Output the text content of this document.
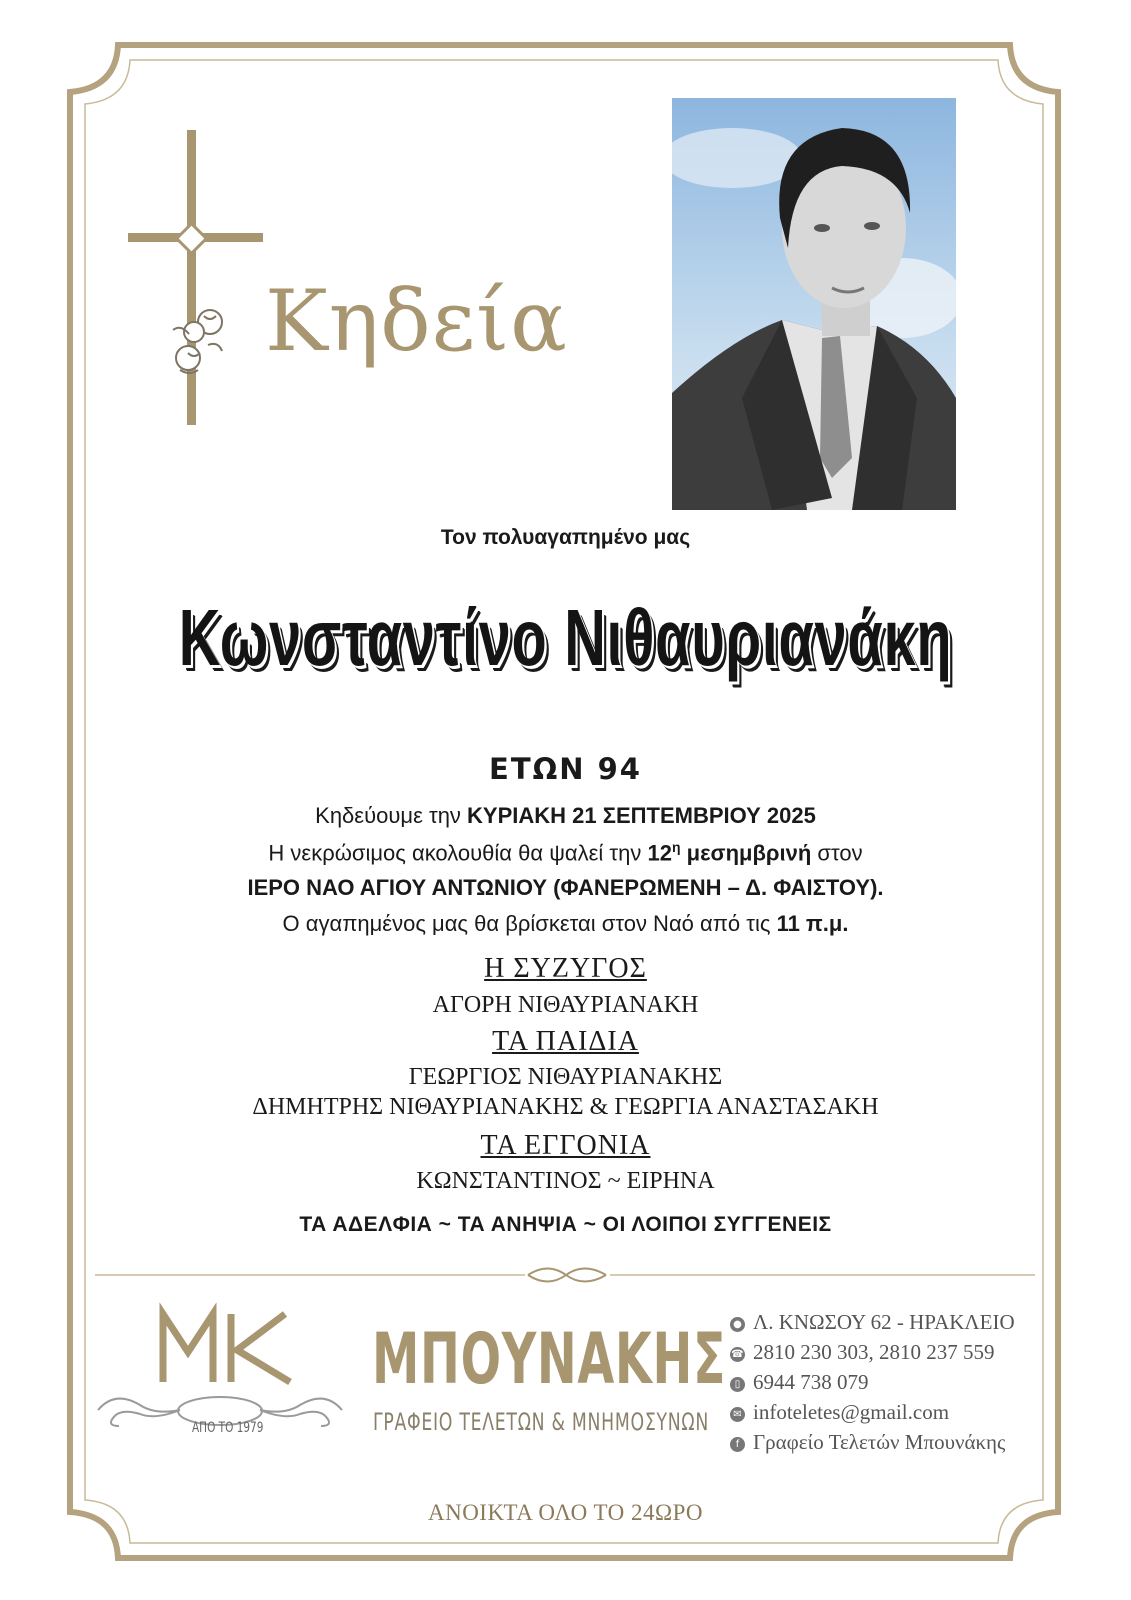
Κηδεία
Τον πολυαγαπημένο μας
Κωνσταντίνο Νιθαυριανάκη
ΕΤΩΝ 94
Κηδεύουμε την ΚΥΡΙΑΚΗ 21 ΣΕΠΤΕΜΒΡΙΟΥ 2025
Η νεκρώσιμος ακολουθία θα ψαλεί την $12^\eta$ μεσημβρινή στον
ΙΕΡΟ ΝΑΟ ΑΓΙΟΥ ΑΝΤΩΝΙΟΥ (ΦΑΝΕΡΩΜΕΝΗ – Δ. ΦΑΙΣΤΟΥ).
Ο αγαπημένος μας θα βρίσκεται στον Ναό από τις 11 π.μ.
Η ΣΥΖΥΓΟΣ
ΑΓΟΡΗ ΝΙΘΑΥΡΙΑΝΑΚΗ
ΤΑ ΠΑΙΔΙΑ
ΓΕΩΡΓΙΟΣ ΝΙΘΑΥΡΙΑΝΑΚΗΣ
ΔΗΜΗΤΡΗΣ ΝΙΘΑΥΡΙΑΝΑΚΗΣ & ΓΕΩΡΓΙΑ ΑΝΑΣΤΑΣΑΚΗ
ΤΑ ΕΓΓΟΝΙΑ
ΚΩΝΣΤΑΝΤΙΝΟΣ ~ ΕΙΡΗΝΑ
ΤΑ ΑΔΕΛΦΙΑ ~ ΤΑ ΑΝΗΨΙΑ ~ ΟΙ ΛΟΙΠΟΙ ΣΥΓΓΕΝΕΙΣ
ΑΠΟ ΤΟ 1979
ΜΠΟΥΝΑΚΗΣ
ΓΡΑΦΕΙΟ ΤΕΛΕΤΩΝ & ΜΝΗΜΟΣΥΝΩΝ
● Λ. ΚΝΩΣΟΥ 62 - ΗΡΑΚΛΕΙΟ
☎ 2810 230 303, 2810 237 559
▯ 6944 738 079
✉ infoteletes@gmail.com
f Γραφείο Τελετών Μπουνάκης
ΑΝΟΙΚΤΑ ΟΛΟ ΤΟ 24ΩΡΟ
